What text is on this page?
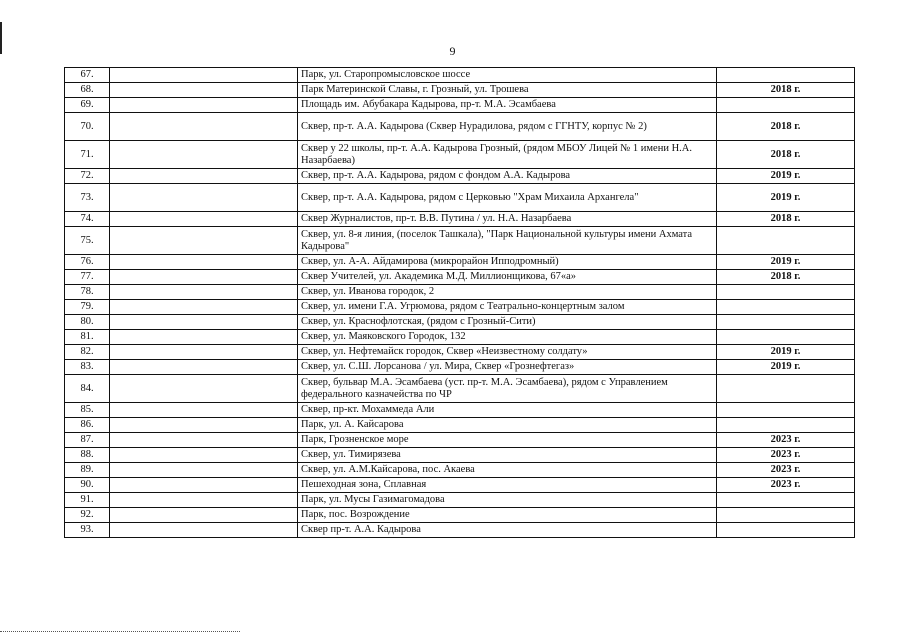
9
67.		Парк, ул. Старопромысловское шоссе	
68.		Парк Материнской Славы, г. Грозный, ул. Трошева	2018 г.
69.		Площадь им. Абубакара Кадырова, пр-т. М.А. Эсамбаева	
70.		Сквер, пр-т. А.А. Кадырова (Сквер Нурадилова, рядом с ГГНТУ, корпус № 2)	2018 г.
71.		Сквер у 22 школы, пр-т. А.А. Кадырова Грозный, (рядом МБОУ Лицей № 1 имени Н.А. Назарбаева)	2018 г.
72.		Сквер, пр-т. А.А. Кадырова, рядом с фондом А.А. Кадырова	2019 г.
73.		Сквер, пр-т. А.А. Кадырова, рядом с Церковью "Храм Михаила Архангела"	2019 г.
74.		Сквер Журналистов, пр-т. В.В. Путина / ул. Н.А. Назарбаева	2018 г.
75.		Сквер, ул. 8-я линия, (поселок Ташкала), "Парк Национальной культуры имени Ахмата Кадырова"	
76.		Сквер, ул. А-А. Айдамирова (микрорайон Ипподромный)	2019 г.
77.		Сквер Учителей, ул. Академика М.Д. Миллионщикова, 67«а»	2018 г.
78.		Сквер, ул. Иванова городок, 2	
79.		Сквер, ул. имени Г.А. Угрюмова, рядом с Театрально-концертным залом	
80.		Сквер, ул. Краснофлотская, (рядом с Грозный-Сити)	
81.		Сквер, ул. Маяковского Городок, 132	
82.		Сквер, ул. Нефтемайск городок, Сквер «Неизвестному солдату»	2019 г.
83.		Сквер, ул. С.Ш. Лорсанова / ул. Мира, Сквер «Грознефтегаз»	2019 г.
84.		Сквер, бульвар М.А. Эсамбаева (уст. пр-т. М.А. Эсамбаева), рядом с Управлением федерального казначейства по ЧР	
85.		Сквер, пр-кт. Мохаммеда Али	
86.		Парк, ул. А. Кайсарова	
87.		Парк, Грозненское море	2023 г.
88.		Сквер, ул. Тимирязева	2023 г.
89.		Сквер, ул. А.М.Кайсарова, пос. Акаева	2023 г.
90.		Пешеходная зона, Сплавная	2023 г.
91.		Парк, ул. Мусы Газимагомадова	
92.		Парк, пос. Возрождение	
93.		Сквер пр-т. А.А. Кадырова	
